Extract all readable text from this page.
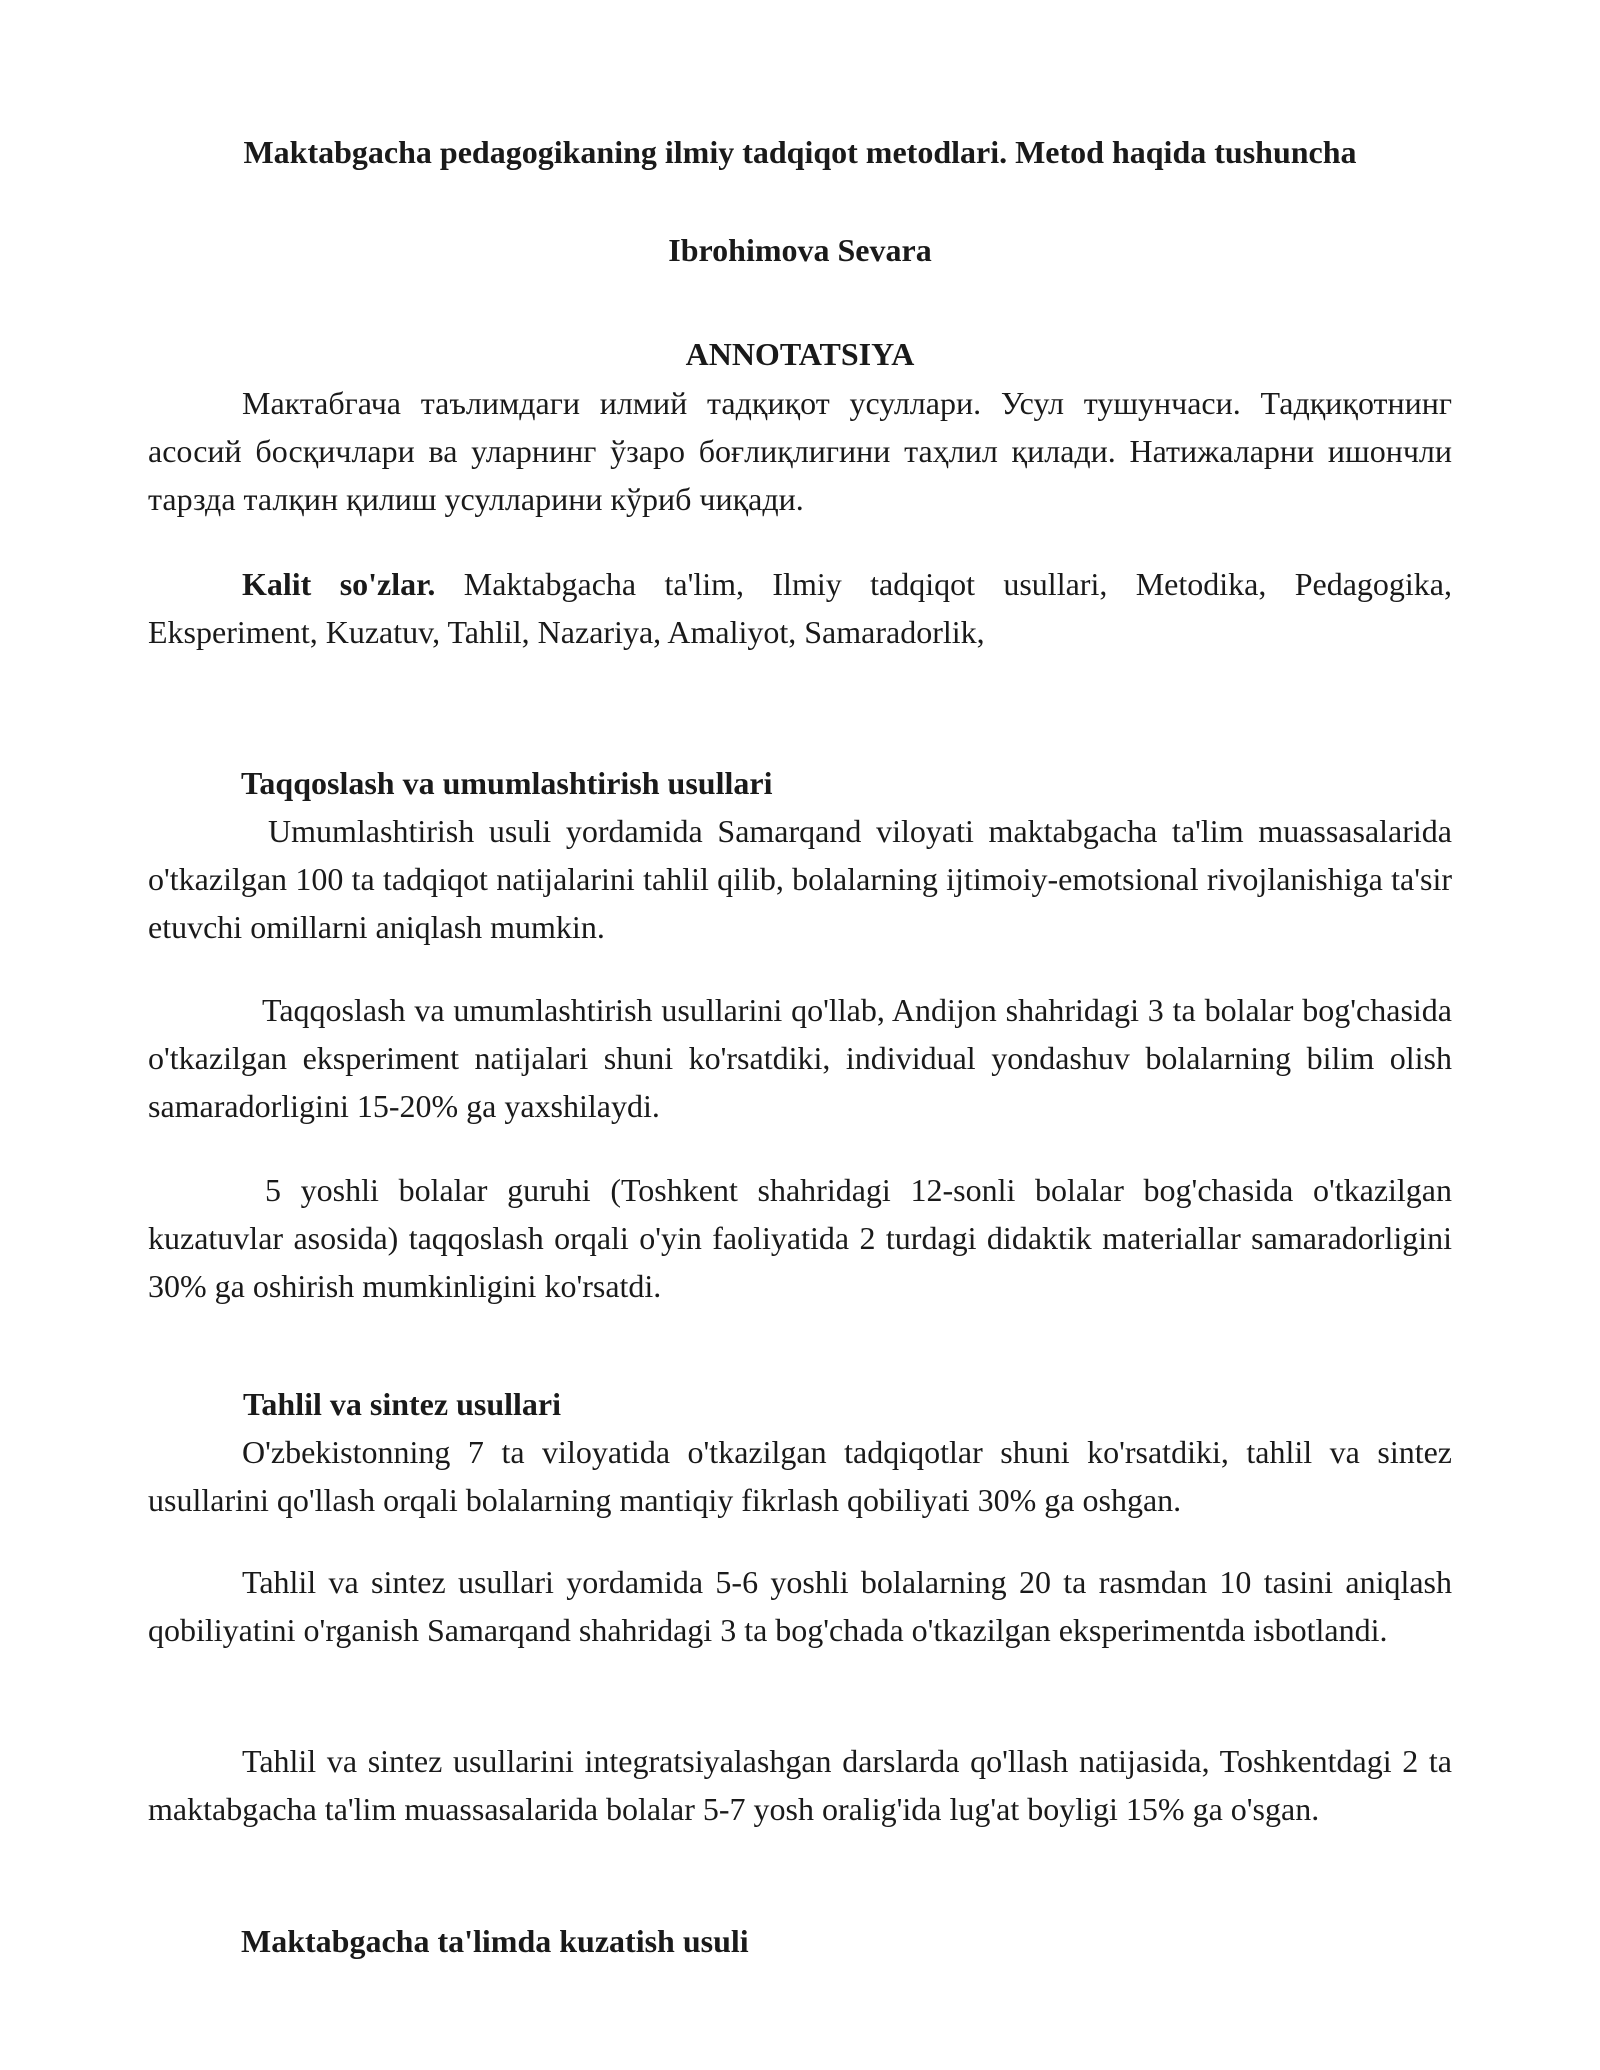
Maktabgacha pedagogikaning ilmiy tadqiqot metodlari. Metod haqida tushuncha
Ibrohimova Sevara
ANNOTATSIYA
Мактабгача таълимдаги илмий тадқиқот усуллари. Усул тушунчаси. Тадқиқотнинг асосий босқичлари ва уларнинг ўзаро боғлиқлигини таҳлил қилади. Натижаларни ишончли тарзда талқин қилиш усулларини кўриб чиқади.
Kalit so'zlar. Maktabgacha ta'lim, Ilmiy tadqiqot usullari, Metodika, Pedagogika, Eksperiment, Kuzatuv, Tahlil, Nazariya, Amaliyot, Samaradorlik,
Taqqoslash va umumlashtirish usullari
Umumlashtirish usuli yordamida Samarqand viloyati maktabgacha ta'lim muassasalarida o'tkazilgan 100 ta tadqiqot natijalarini tahlil qilib, bolalarning ijtimoiy-emotsional rivojlanishiga ta'sir etuvchi omillarni aniqlash mumkin.
Taqqoslash va umumlashtirish usullarini qo'llab, Andijon shahridagi 3 ta bolalar bog'chasida o'tkazilgan eksperiment natijalari shuni ko'rsatdiki, individual yondashuv bolalarning bilim olish samaradorligini 15-20% ga yaxshilaydi.
5 yoshli bolalar guruhi (Toshkent shahridagi 12-sonli bolalar bog'chasida o'tkazilgan kuzatuvlar asosida) taqqoslash orqali o'yin faoliyatida 2 turdagi didaktik materiallar samaradorligini 30% ga oshirish mumkinligini ko'rsatdi.
Tahlil va sintez usullari
O'zbekistonning 7 ta viloyatida o'tkazilgan tadqiqotlar shuni ko'rsatdiki, tahlil va sintez usullarini qo'llash orqali bolalarning mantiqiy fikrlash qobiliyati 30% ga oshgan.
Tahlil va sintez usullari yordamida 5-6 yoshli bolalarning 20 ta rasmdan 10 tasini aniqlash qobiliyatini o'rganish Samarqand shahridagi 3 ta bog'chada o'tkazilgan eksperimentda isbotlandi.
Tahlil va sintez usullarini integratsiyalashgan darslarda qo'llash natijasida, Toshkentdagi 2 ta maktabgacha ta'lim muassasalarida bolalar 5-7 yosh oralig'ida lug'at boyligi 15% ga o'sgan.
Maktabgacha ta'limda kuzatish usuli
